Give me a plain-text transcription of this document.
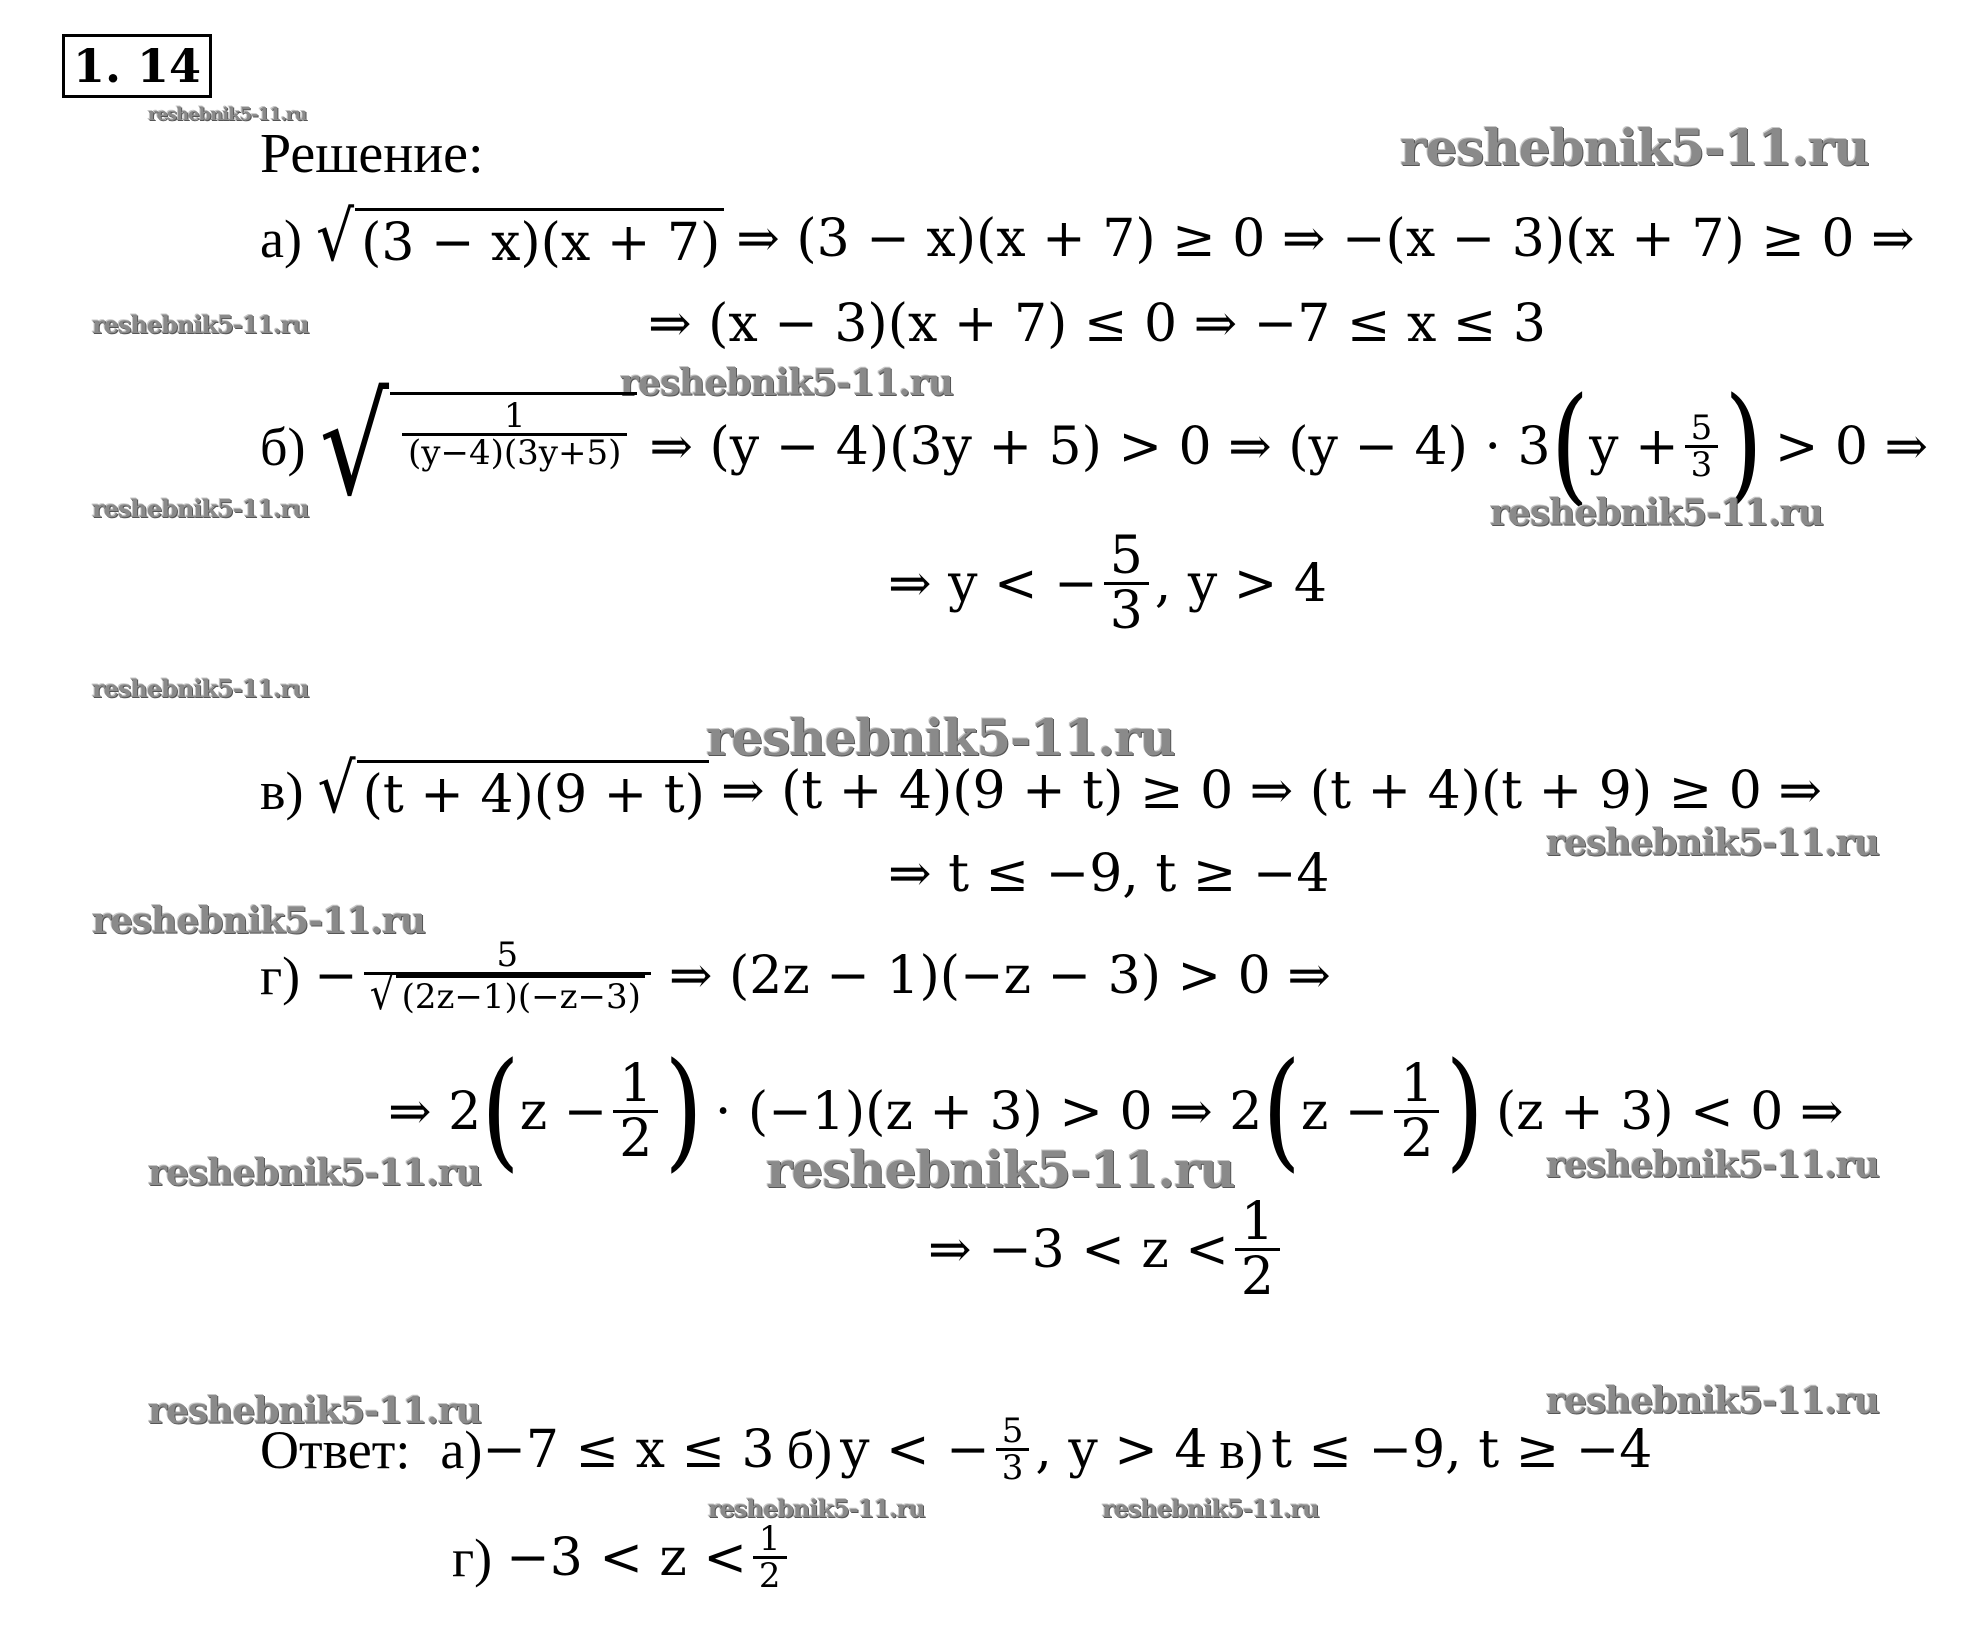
1. 14
reshebnik5-11.ru
Решение:	reshebnik5-11.ru
а) √ (3 − x)(x + 7) ⇒ (3 − x)(x + 7) ≥ 0 ⇒ −(x − 3)(x + 7) ≥ 0 ⇒
reshebnik5-11.ru	⇒ (x − 3)(x + 7) ≤ 0 ⇒ −7 ≤ x ≤ 3
reshebnik5-11.ru
б) √ $\frac{1}{(y-4)(3y+5)}$ ⇒ (y − 4)(3y + 5) > 0 ⇒ (y − 4) · 3 ( $y + \frac{5}{3}$ ) > 0 ⇒
reshebnik5-11.ru	reshebnik5-11.ru
⇒ y < − $\frac{5}{3}$ , y > 4
reshebnik5-11.ru
reshebnik5-11.ru
в) √ (t + 4)(9 + t) ⇒ (t + 4)(9 + t) ≥ 0 ⇒ (t + 4)(t + 9) ≥ 0 ⇒
reshebnik5-11.ru
⇒ t ≤ −9, t ≥ −4
reshebnik5-11.ru
$г) - \frac{5}{√ (2z-1)(-z-3)}$ ⇒ (2z − 1)(−z − 3) > 0 ⇒
⇒ 2 ( $z - \frac{1}{2}$ ) · (−1)(z + 3) > 0 ⇒ 2 ( $z - \frac{1}{2}$ ) (z + 3) < 0 ⇒
reshebnik5-11.ru	reshebnik5-11.ru	reshebnik5-11.ru
⇒ $-3 < z < \frac{1}{2}$
reshebnik5-11.ru	reshebnik5-11.ru
Ответ: а) −7 ≤ x ≤ 3 б) y < − $\frac{5}{3}$ , y > 4 в) t ≤ −9, t ≥ −4
reshebnik5-11.ru	reshebnik5-11.ru
$г) -3 < z < \frac{1}{2}$
